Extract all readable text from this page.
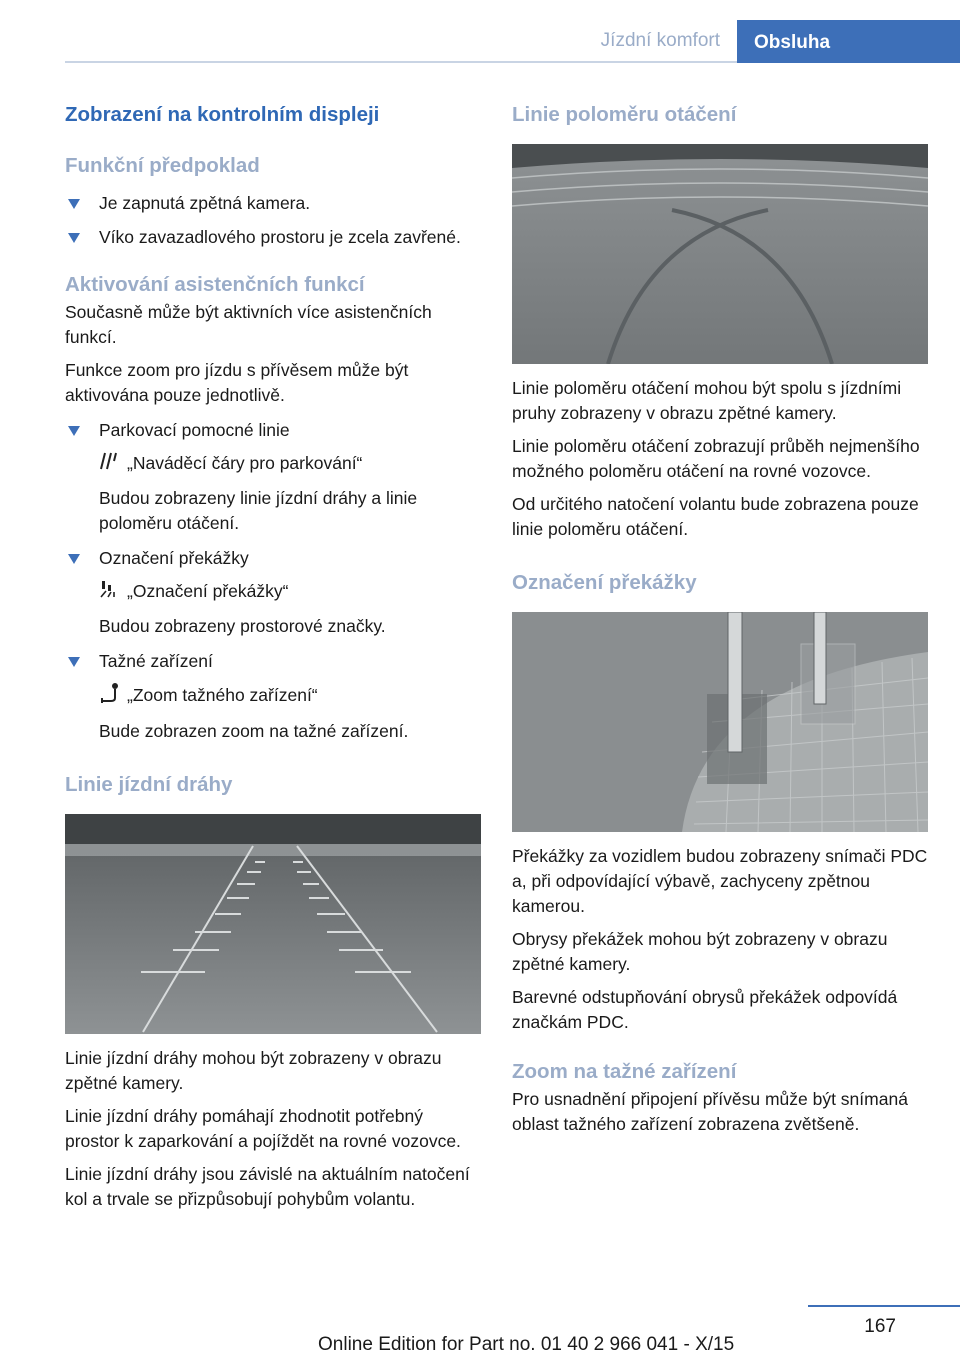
Jízdní komfort	Obsluha
Zobrazení na kontrolním displeji
Funkční předpoklad
Je zapnutá zpětná kamera.
Víko zavazadlového prostoru je zcela zavřené.
Aktivování asistenčních funkcí

Současně může být aktivních více asistenčních funkcí.

Funkce zoom pro jízdu s přívěsem může být aktivována pouze jednotlivě.

Parkovací pomocné linie
„Naváděcí čáry pro parkování“
Budou zobrazeny linie jízdní dráhy a linie poloměru otáčení.
Označení překážky
„Označení překážky“
Budou zobrazeny prostorové značky.
Tažné zařízení
„Zoom tažného zařízení“
Bude zobrazen zoom na tažné zařízení.
Linie jízdní dráhy

Linie jízdní dráhy mohou být zobrazeny v obrazu zpětné kamery.

Linie jízdní dráhy pomáhají zhodnotit potřebný prostor k zaparkování a pojíždět na rovné vozovce.

Linie jízdní dráhy jsou závislé na aktuálním natočení kol a trvale se přizpůsobují pohybům volantu.

Linie poloměru otáčení

Linie poloměru otáčení mohou být spolu s jízdními pruhy zobrazeny v obrazu zpětné kamery.

Linie poloměru otáčení zobrazují průběh nejmenšího možného poloměru otáčení na rovné vozovce.

Od určitého natočení volantu bude zobrazena pouze linie poloměru otáčení.

Označení překážky

Překážky za vozidlem budou zobrazeny snímači PDC a, při odpovídající výbavě, zachyceny zpětnou kamerou.

Obrysy překážek mohou být zobrazeny v obrazu zpětné kamery.

Barevné odstupňování obrysů překážek odpovídá značkám PDC.

Zoom na tažné zařízení

Pro usnadnění připojení přívěsu může být snímaná oblast tažného zařízení zobrazena zvětšeně.

167
Online Edition for Part no. 01 40 2 966 041 - X/15
